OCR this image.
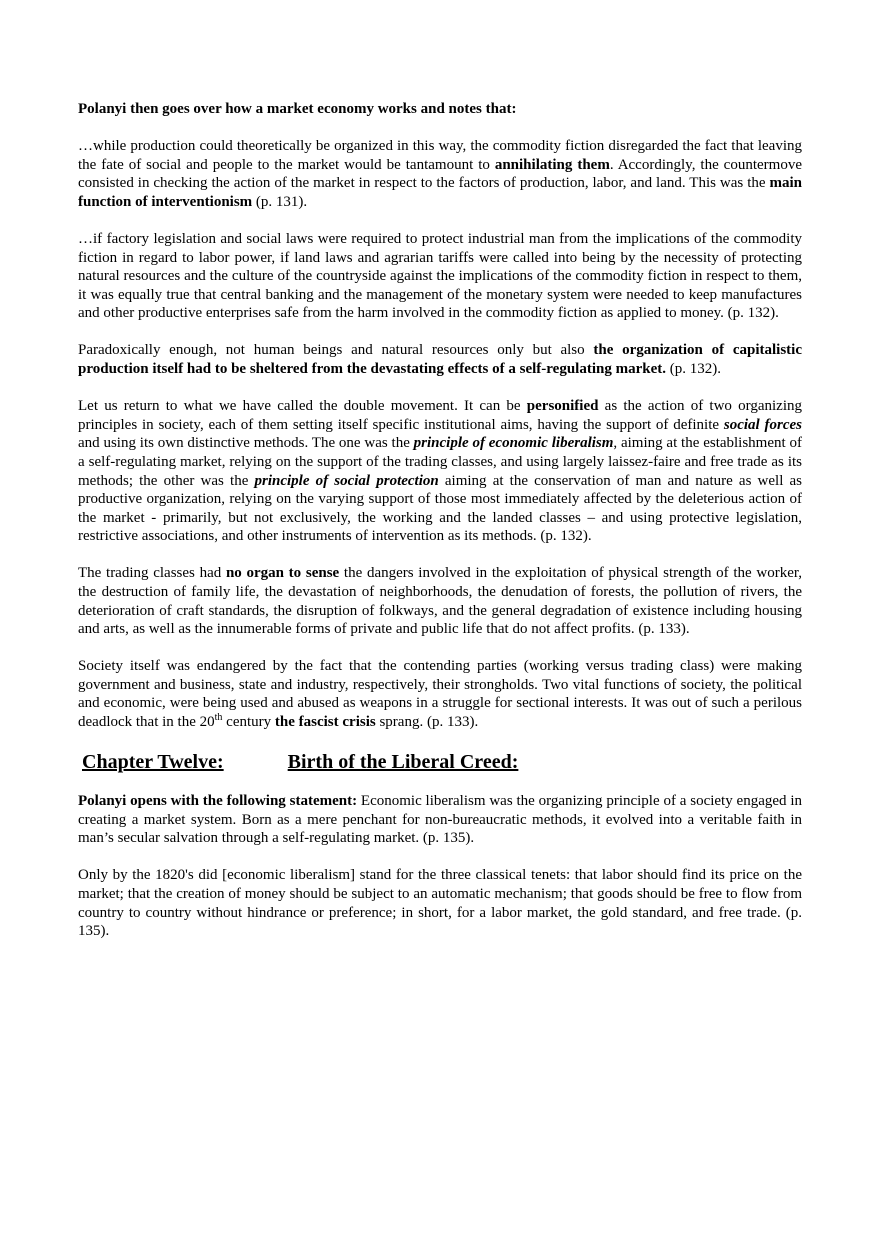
Polanyi then goes over how a market economy works and notes that:

…while production could theoretically be organized in this way, the commodity fiction disregarded the fact that leaving the fate of social and people to the market would be tantamount to annihilating them. Accordingly, the countermove consisted in checking the action of the market in respect to the factors of production, labor, and land. This was the main function of interventionism (p. 131).

…if factory legislation and social laws were required to protect industrial man from the implications of the commodity fiction in regard to labor power, if land laws and agrarian tariffs were called into being by the necessity of protecting natural resources and the culture of the countryside against the implications of the commodity fiction in respect to them, it was equally true that central banking and the management of the monetary system were needed to keep manufactures and other productive enterprises safe from the harm involved in the commodity fiction as applied to money. (p. 132).

Paradoxically enough, not human beings and natural resources only but also the organization of capitalistic production itself had to be sheltered from the devastating effects of a self-regulating market. (p. 132).

Let us return to what we have called the double movement. It can be personified as the action of two organizing principles in society, each of them setting itself specific institutional aims, having the support of definite social forces and using its own distinctive methods. The one was the principle of economic liberalism, aiming at the establishment of a self-regulating market, relying on the support of the trading classes, and using largely laissez-faire and free trade as its methods; the other was the principle of social protection aiming at the conservation of man and nature as well as productive organization, relying on the varying support of those most immediately affected by the deleterious action of the market - primarily, but not exclusively, the working and the landed classes – and using protective legislation, restrictive associations, and other instruments of intervention as its methods. (p. 132).

The trading classes had no organ to sense the dangers involved in the exploitation of physical strength of the worker, the destruction of family life, the devastation of neighborhoods, the denudation of forests, the pollution of rivers, the deterioration of craft standards, the disruption of folkways, and the general degradation of existence including housing and arts, as well as the innumerable forms of private and public life that do not affect profits. (p. 133).

Society itself was endangered by the fact that the contending parties (working versus trading class) were making government and business, state and industry, respectively, their strongholds. Two vital functions of society, the political and economic, were being used and abused as weapons in a struggle for sectional interests. It was out of such a perilous deadlock that in the 20th century the fascist crisis sprang. (p. 133).

Chapter Twelve:	Birth of the Liberal Creed:

Polanyi opens with the following statement: Economic liberalism was the organizing principle of a society engaged in creating a market system. Born as a mere penchant for non-bureaucratic methods, it evolved into a veritable faith in man’s secular salvation through a self-regulating market. (p. 135).

Only by the 1820's did [economic liberalism] stand for the three classical tenets: that labor should find its price on the market; that the creation of money should be subject to an automatic mechanism; that goods should be free to flow from country to country without hindrance or preference; in short, for a labor market, the gold standard, and free trade. (p. 135).
